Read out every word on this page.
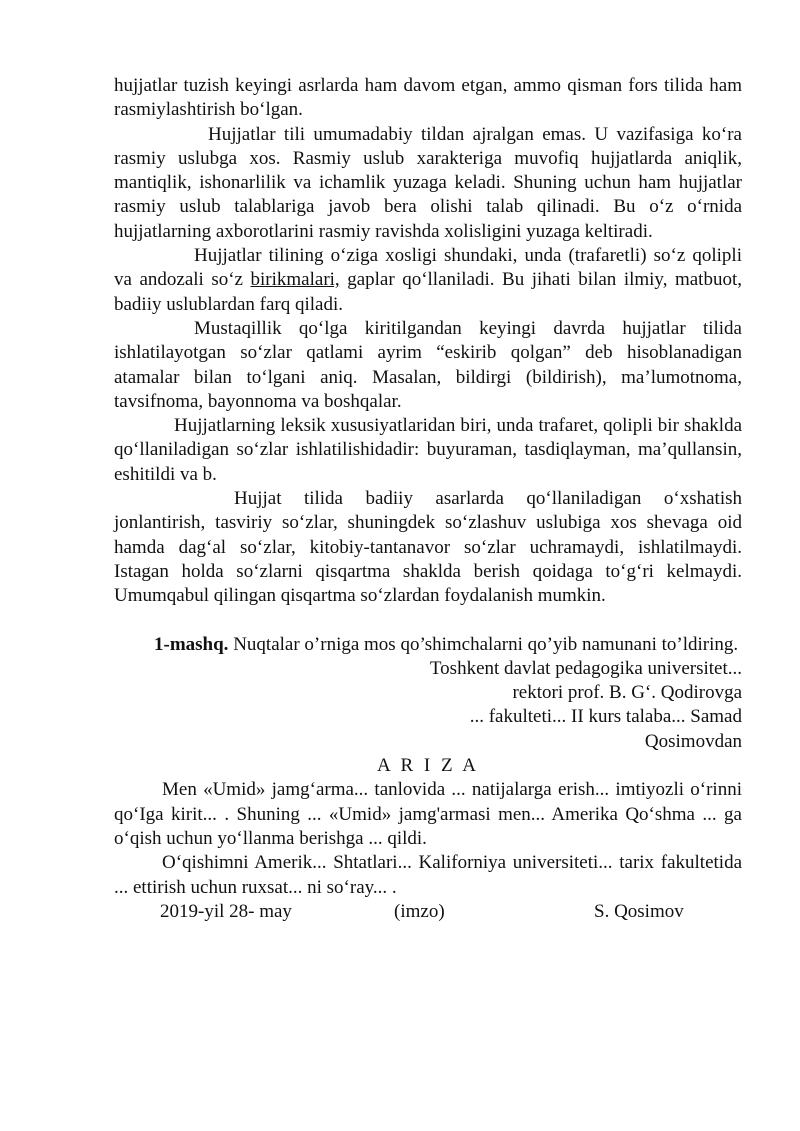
hujjatlar tuzish keyingi asrlarda ham davom etgan, ammo qisman fors tilida ham rasmiylashtirish bo‘lgan.

Hujjatlar tili umumadabiy tildan ajralgan emas. U vazifasiga ko‘ra rasmiy uslubga xos. Rasmiy uslub xarakteriga muvofiq hujjatlarda aniqlik, mantiqlik, ishonarlilik va ichamlik yuzaga keladi. Shuning uchun ham hujjatlar rasmiy uslub talablariga javob bera olishi talab qilinadi. Bu o‘z o‘rnida hujjatlarning axborotlarini rasmiy ravishda xolisligini yuzaga keltiradi.

Hujjatlar tilining o‘ziga xosligi shundaki, unda (trafaretli) so‘z qolipli va andozali so‘z birikmalari, gaplar qo‘llaniladi. Bu jihati bilan ilmiy, matbuot, badiiy uslublardan farq qiladi.

Mustaqillik qo‘lga kiritilgandan keyingi davrda hujjatlar tilida ishlatilayotgan so‘zlar qatlami ayrim “eskirib qolgan” deb hisoblanadigan atamalar bilan to‘lgani aniq. Masalan, bildirgi (bildirish), ma’lumotnoma, tavsifnoma, bayonnoma va boshqalar.

Hujjatlarning leksik xususiyatlaridan biri, unda trafaret, qolipli bir shaklda qo‘llaniladigan so‘zlar ishlatilishidadir: buyuraman, tasdiqlayman, ma’qullansin, eshitildi va b.

Hujjat tilida badiiy asarlarda qo‘llaniladigan o‘xshatish jonlantirish, tasviriy so‘zlar, shuningdek so‘zlashuv uslubiga xos shevaga oid hamda dag‘al so‘zlar, kitobiy-tantanavor so‘zlar uchramaydi, ishlatilmaydi. Istagan holda so‘zlarni qisqartma shaklda berish qoidaga to‘g‘ri kelmaydi. Umumqabul qilingan qisqartma so‘zlardan foydalanish mumkin.

1-mashq. Nuqtalar o’rniga mos qo’shimchalarni qo’yib namunani to’ldiring.

Toshkent davlat pedagogika universitet...

rektori prof. B. G‘. Qodirovga

... fakulteti... II kurs talaba... Samad

Qosimovdan

A R I Z A

Men «Umid» jamg‘arma... tanlovida ... natijalarga erish... imtiyozli o‘rinni qo‘Iga kirit... . Shuning ... «Umid» jamg'armasi men... Amerika Qo‘shma ... ga o‘qish uchun yo‘llanma berishga ... qildi.

O‘qishimni Amerik... Shtatlari... Kaliforniya universiteti... tarix fakultetida ... ettirish uchun ruxsat... ni so‘ray... .

2019-yil 28- may	(imzo)	S. Qosimov
